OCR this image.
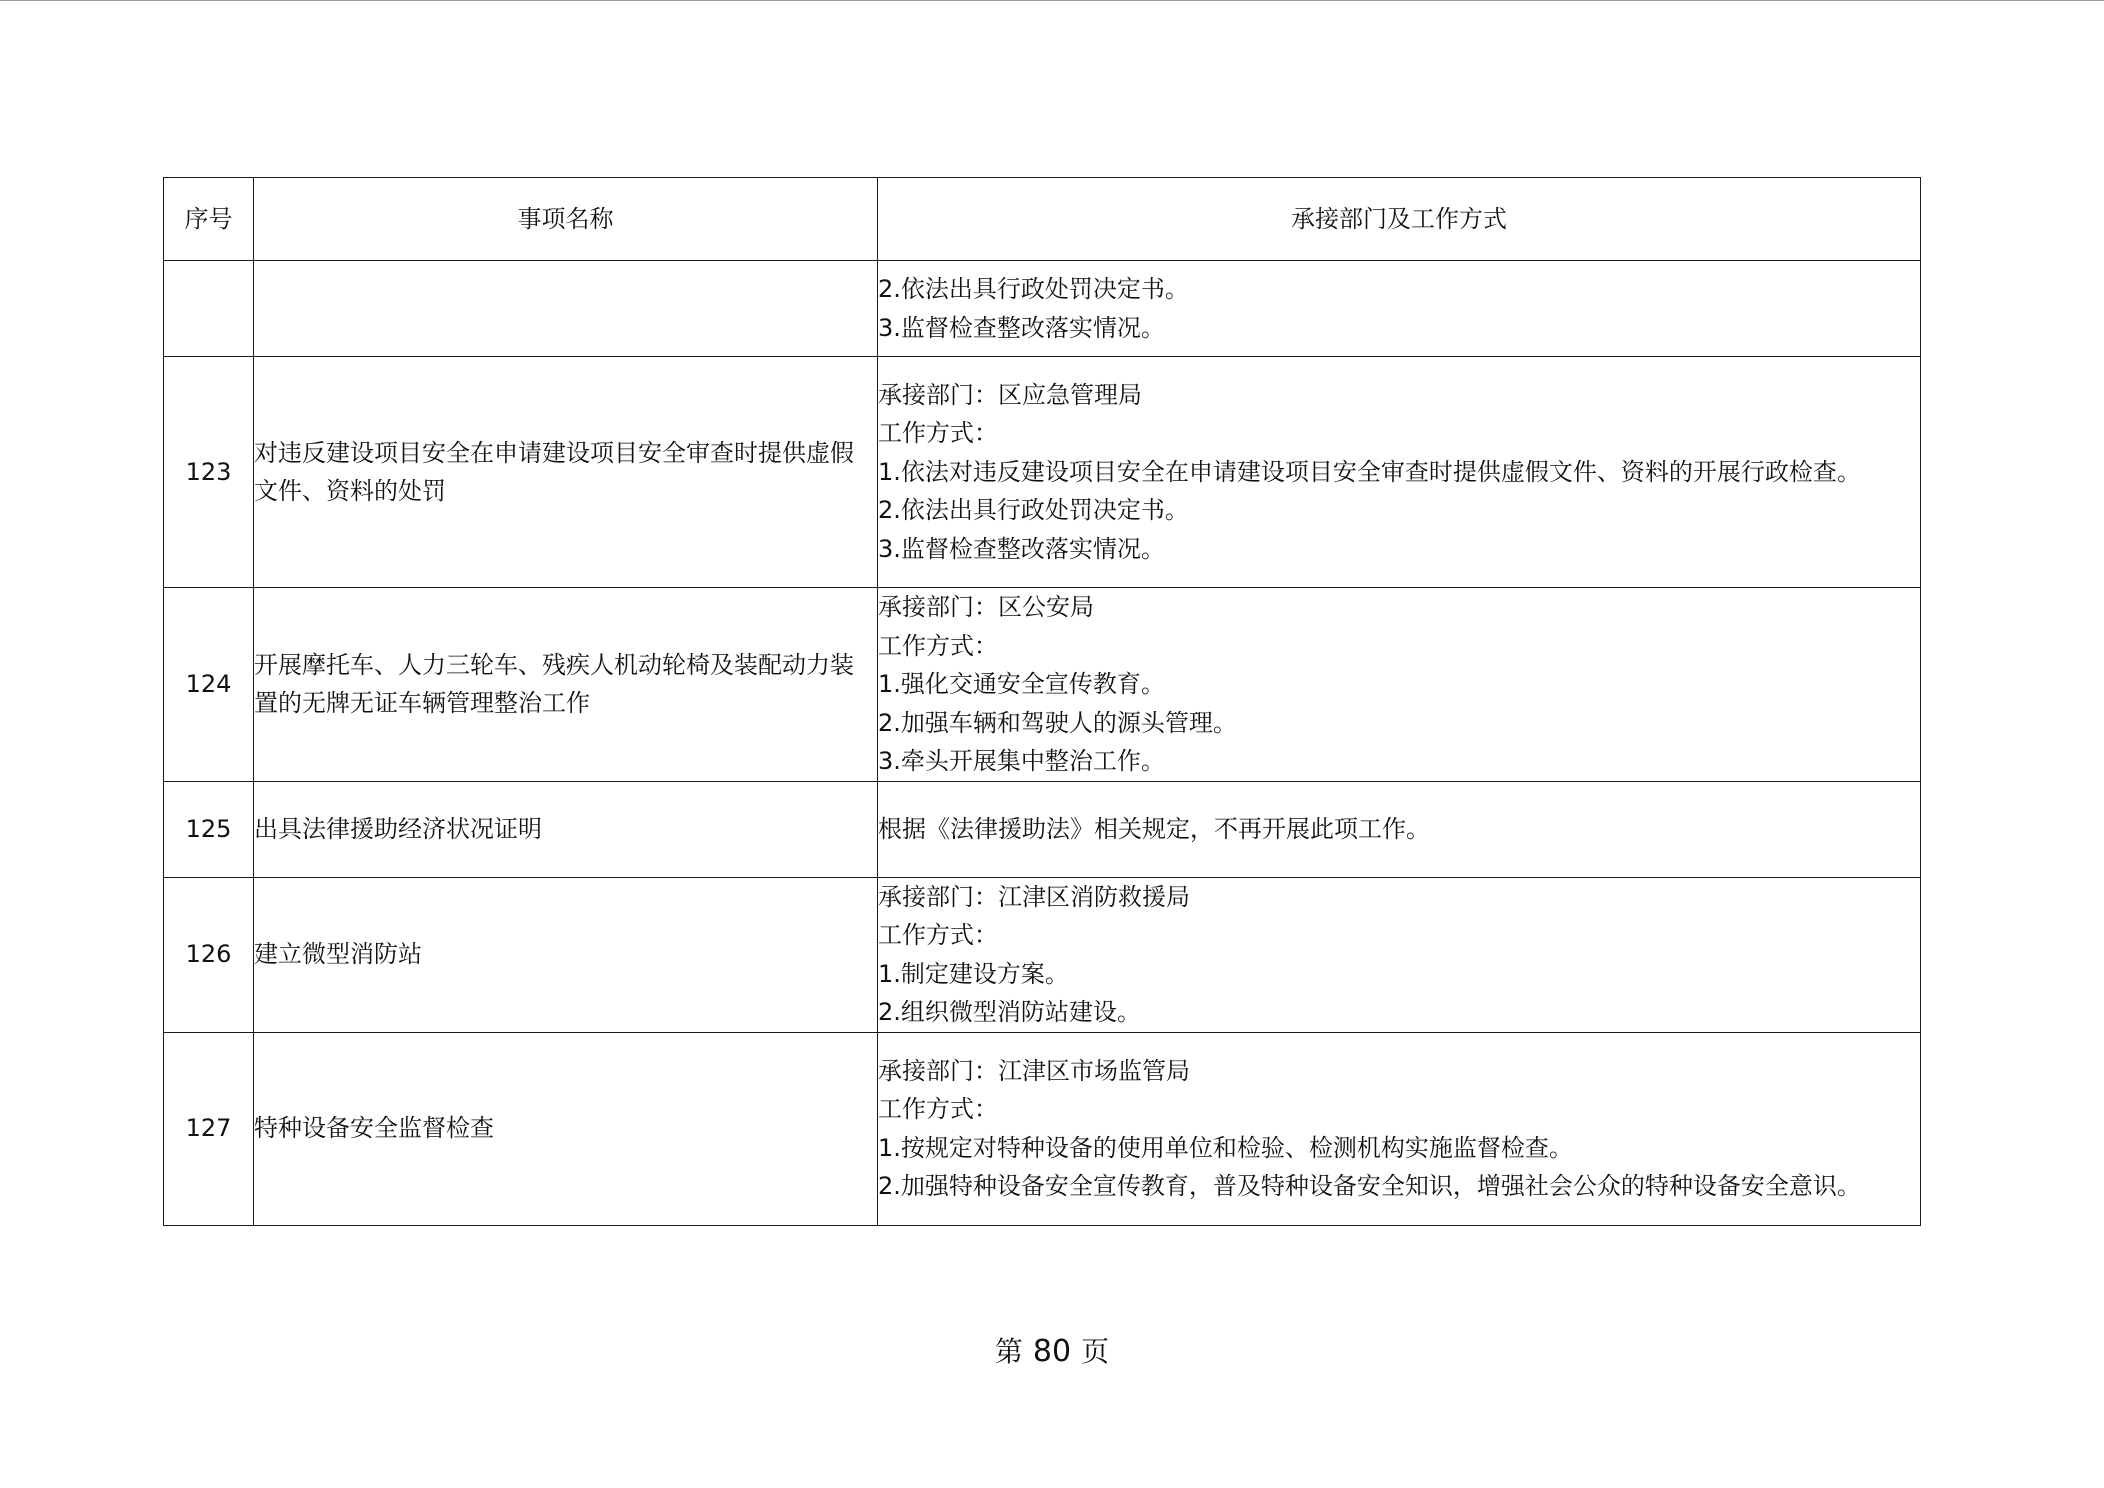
序号	事项名称	承接部门及工作方式

		2.依法出具行政处罚决定书。
3.监督检查整改落实情况。

123	对违反建设项目安全在申请建设项目安全审查时提供虚假文件、资料的处罚	承接部门：区应急管理局
工作方式：
1.依法对违反建设项目安全在申请建设项目安全审查时提供虚假文件、资料的开展行政检查。
2.依法出具行政处罚决定书。
3.监督检查整改落实情况。

124	开展摩托车、人力三轮车、残疾人机动轮椅及装配动力装置的无牌无证车辆管理整治工作	承接部门：区公安局
工作方式：
1.强化交通安全宣传教育。
2.加强车辆和驾驶人的源头管理。
3.牵头开展集中整治工作。

125	出具法律援助经济状况证明	根据《法律援助法》相关规定，不再开展此项工作。

126	建立微型消防站	承接部门：江津区消防救援局
工作方式：
1.制定建设方案。
2.组织微型消防站建设。

127	特种设备安全监督检查	承接部门：江津区市场监管局
工作方式：
1.按规定对特种设备的使用单位和检验、检测机构实施监督检查。
2.加强特种设备安全宣传教育，普及特种设备安全知识，增强社会公众的特种设备安全意识。
第 80 页
